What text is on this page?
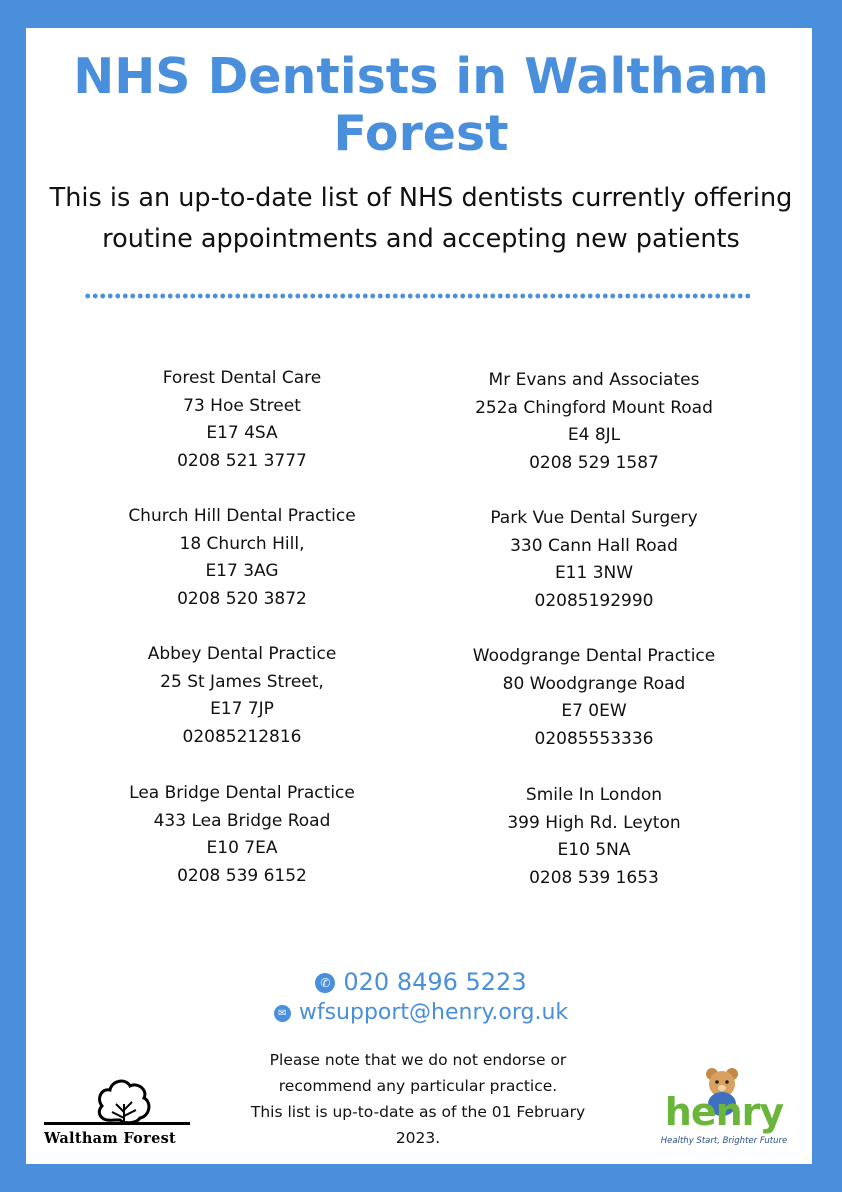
NHS Dentists in Waltham Forest
This is an up-to-date list of NHS dentists currently offering
routine appointments and accepting new patients
Forest Dental Care
73 Hoe Street
E17 4SA
0208 521 3777
Church Hill Dental Practice
18 Church Hill,
E17 3AG
0208 520 3872
Abbey Dental Practice
25 St James Street,
E17 7JP
02085212816
Lea Bridge Dental Practice
433 Lea Bridge Road
E10 7EA
0208 539 6152
Mr Evans and Associates
252a Chingford Mount Road
E4 8JL
0208 529 1587
Park Vue Dental Surgery
330 Cann Hall Road
E11 3NW
02085192990
Woodgrange Dental Practice
80 Woodgrange Road
E7 0EW
02085553336
Smile In London
399 High Rd. Leyton
E10 5NA
0208 539 1653
✆ 020 8496 5223
✉ wfsupport@henry.org.uk
Please note that we do not endorse or
recommend any particular practice.
This list is up-to-date as of the 01 February
2023.
Waltham Forest
henry
Healthy Start, Brighter Future
